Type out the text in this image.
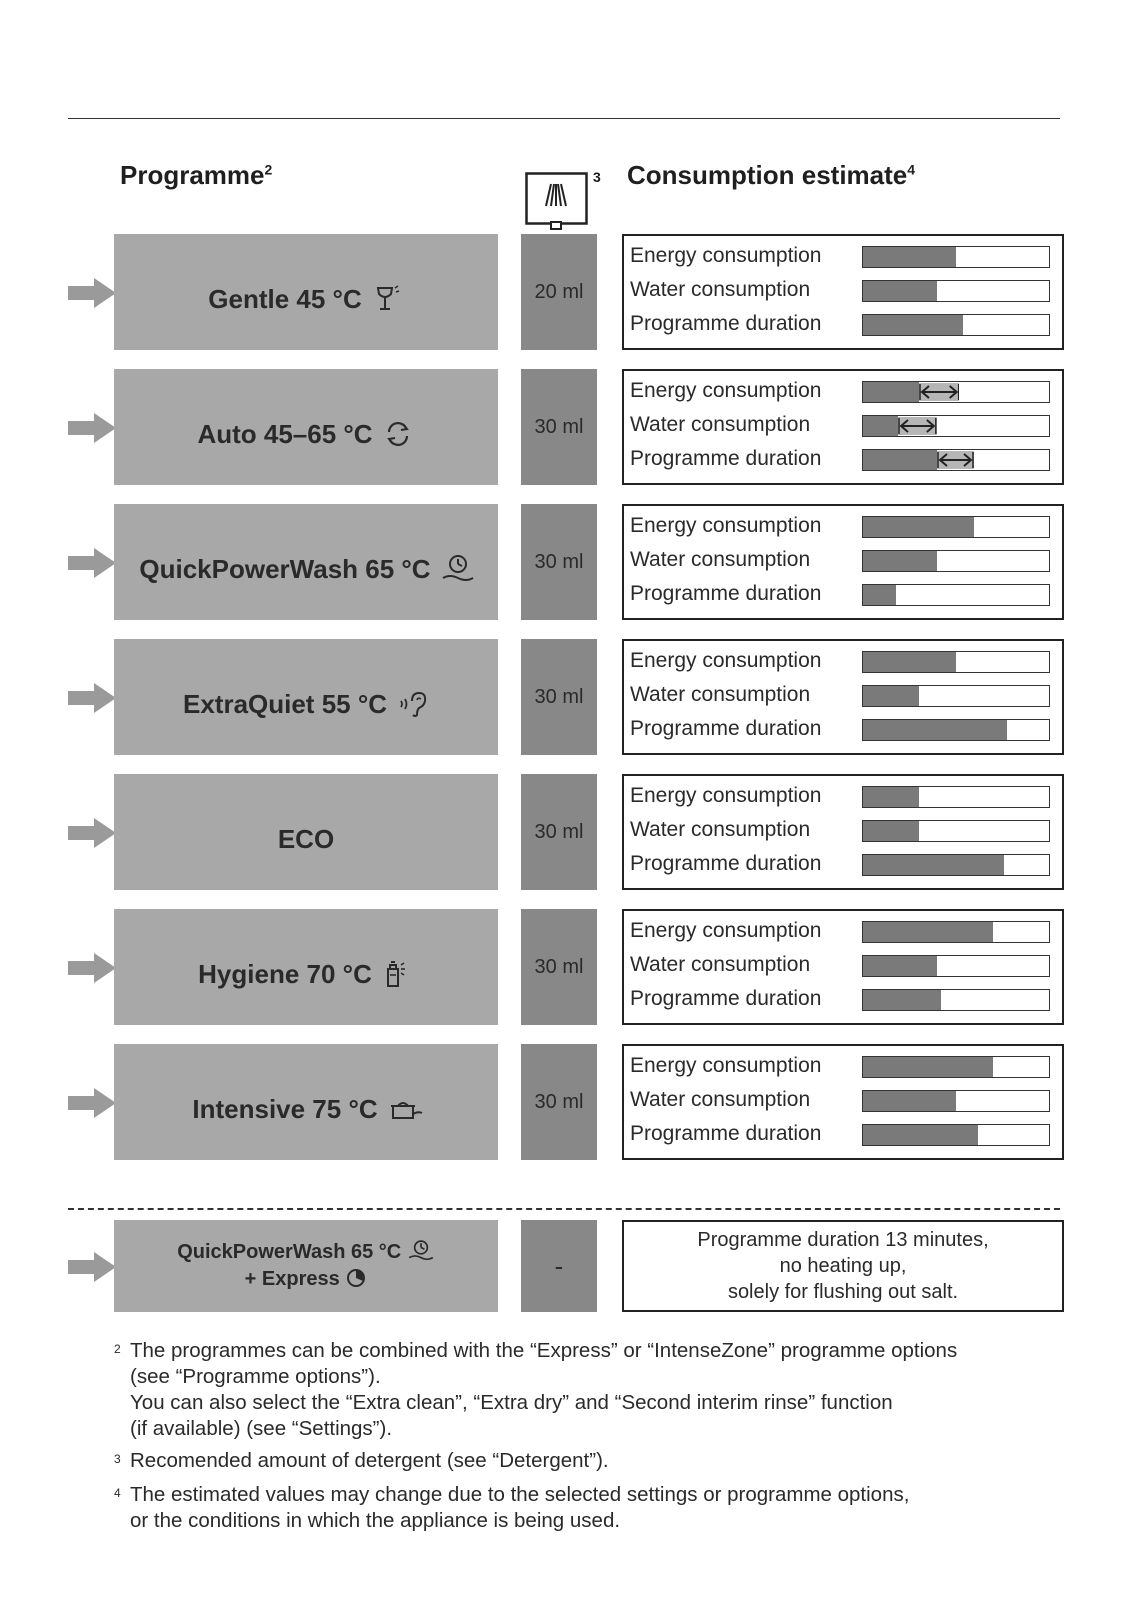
Programme$^2$	3 Consumption estimate$^4$
Gentle 45 °C	20 ml
Energy consumption
Water consumption
Programme duration
Auto 45–65 °C	30 ml
Energy consumption
Water consumption
Programme duration
QuickPowerWash 65 °C	30 ml
Energy consumption
Water consumption
Programme duration
ExtraQuiet 55 °C	30 ml
Energy consumption
Water consumption
Programme duration
ECO	30 ml
Energy consumption
Water consumption
Programme duration
Hygiene 70 °C	30 ml
Energy consumption
Water consumption
Programme duration
Intensive 75 °C	30 ml
Energy consumption
Water consumption
Programme duration
QuickPowerWash 65 °C
+ Express	-
Programme duration 13 minutes,
no heating up,
solely for flushing out salt.
2 The programmes can be combined with the “Express” or “IntenseZone” programme options
(see “Programme options”).
You can also select the “Extra clean”, “Extra dry” and “Second interim rinse” function
(if available) (see “Settings”).
3 Recomended amount of detergent (see “Detergent”).
4 The estimated values may change due to the selected settings or programme options,
or the conditions in which the appliance is being used.
